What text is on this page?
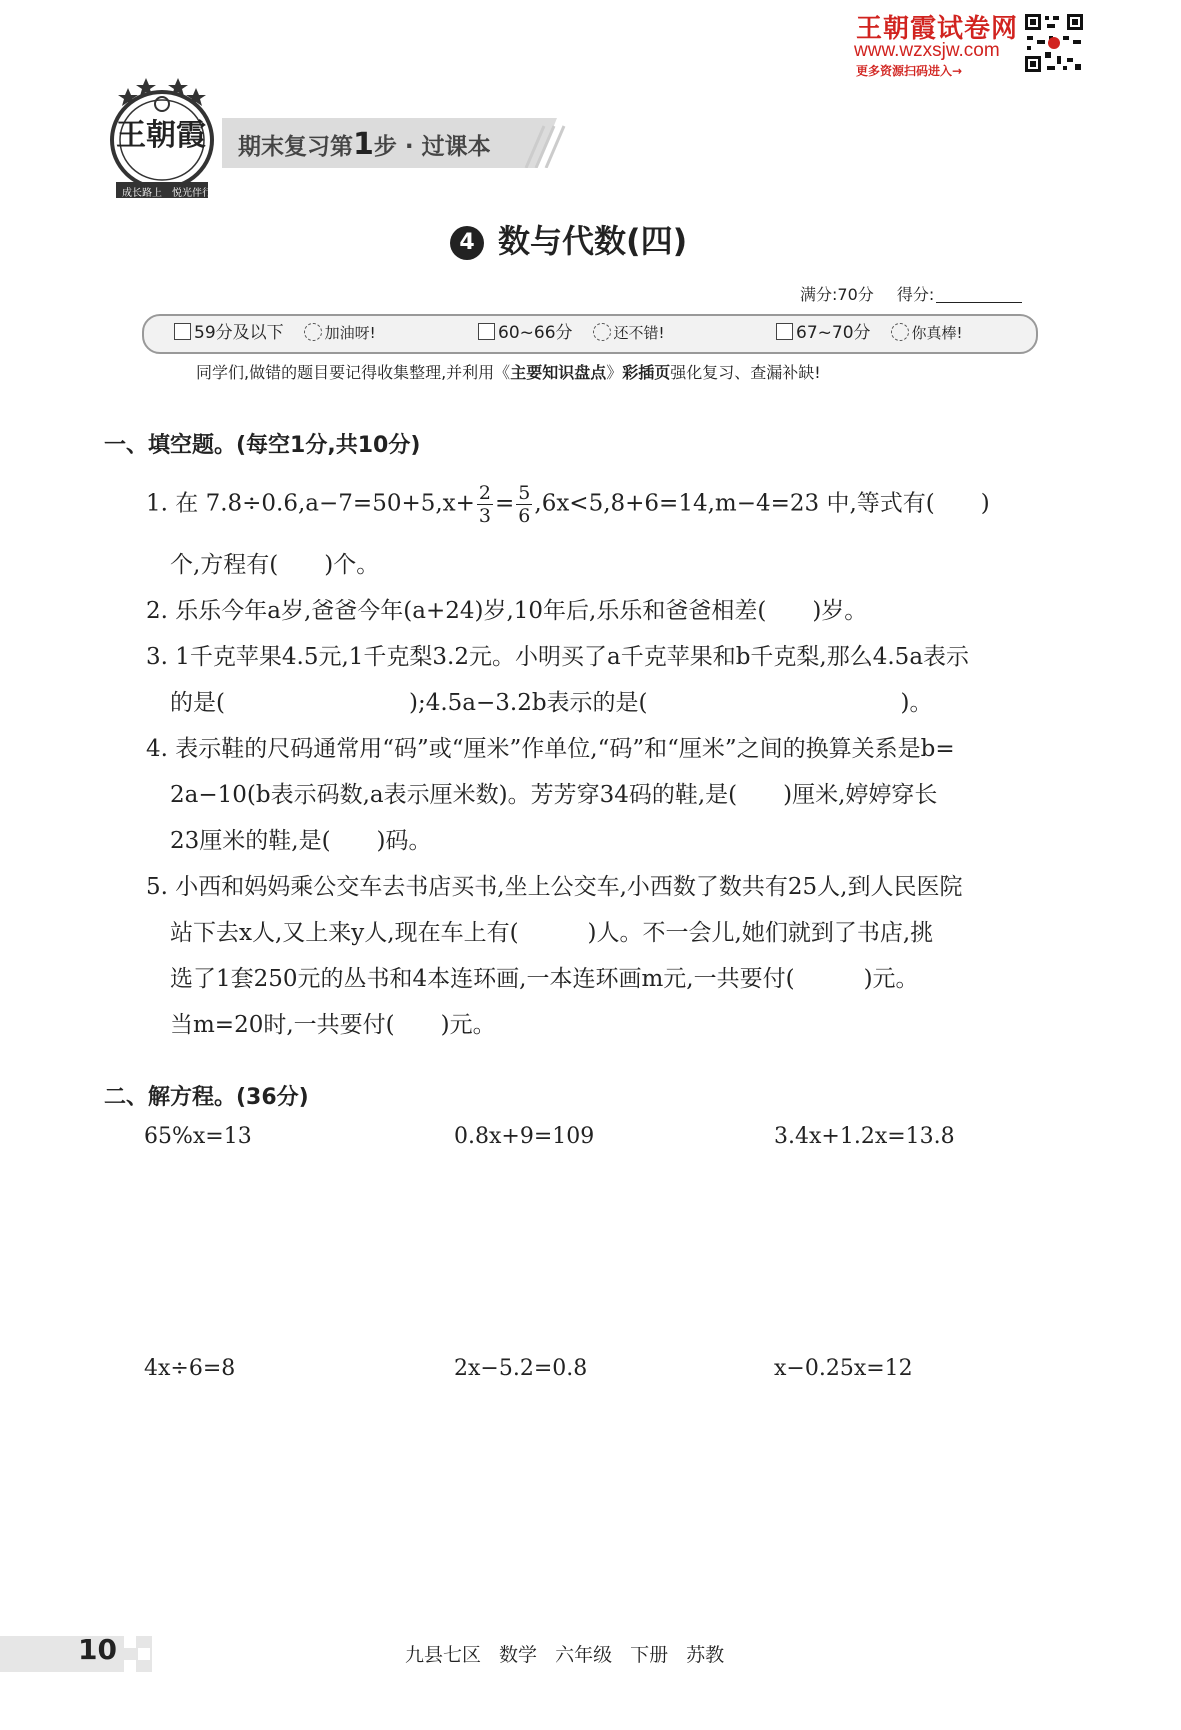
王朝霞试卷网
www.wzxsjw.com
更多资源扫码进入→
王朝霞
成长路上 悦光伴行
期末复习第1步 · 过课本
4 数与代数(四)
满分:70分 得分:
59分及以下	加油呀!	60~66分	还不错!	67~70分	你真棒!
同学们,做错的题目要记得收集整理,并利用《主要知识盘点》彩插页强化复习、查漏补缺!
一、填空题。(每空1分,共10分)
1. 在 $7.8\div 0.6,a-7=50+5,x+ \frac{2}{3} = \frac{5}{6} ,6x<5,8+6=14,m-4=23$ 中,等式有(　　)
个,方程有(　　)个。
2. 乐乐今年a岁,爸爸今年(a+24)岁,10年后,乐乐和爸爸相差(　　)岁。
3. 1千克苹果4.5元,1千克梨3.2元。小明买了a千克苹果和b千克梨,那么4.5a表示
的是(　　　　　　　　);4.5a−3.2b表示的是(　　　　　　　　　　　)。
4. 表示鞋的尺码通常用“码”或“厘米”作单位,“码”和“厘米”之间的换算关系是b=
2a−10(b表示码数,a表示厘米数)。芳芳穿34码的鞋,是(　　)厘米,婷婷穿长
23厘米的鞋,是(　　)码。
5. 小西和妈妈乘公交车去书店买书,坐上公交车,小西数了数共有25人,到人民医院
站下去x人,又上来y人,现在车上有(　　　)人。不一会儿,她们就到了书店,挑
选了1套250元的丛书和4本连环画,一本连环画m元,一共要付(　　　)元。
当m=20时,一共要付(　　)元。
二、解方程。(36分)
65%x=13	0.8x+9=109	3.4x+1.2x=13.8
4x÷6=8	2x−5.2=0.8	x−0.25x=12
10	九县七区 数学 六年级 下册 苏教
